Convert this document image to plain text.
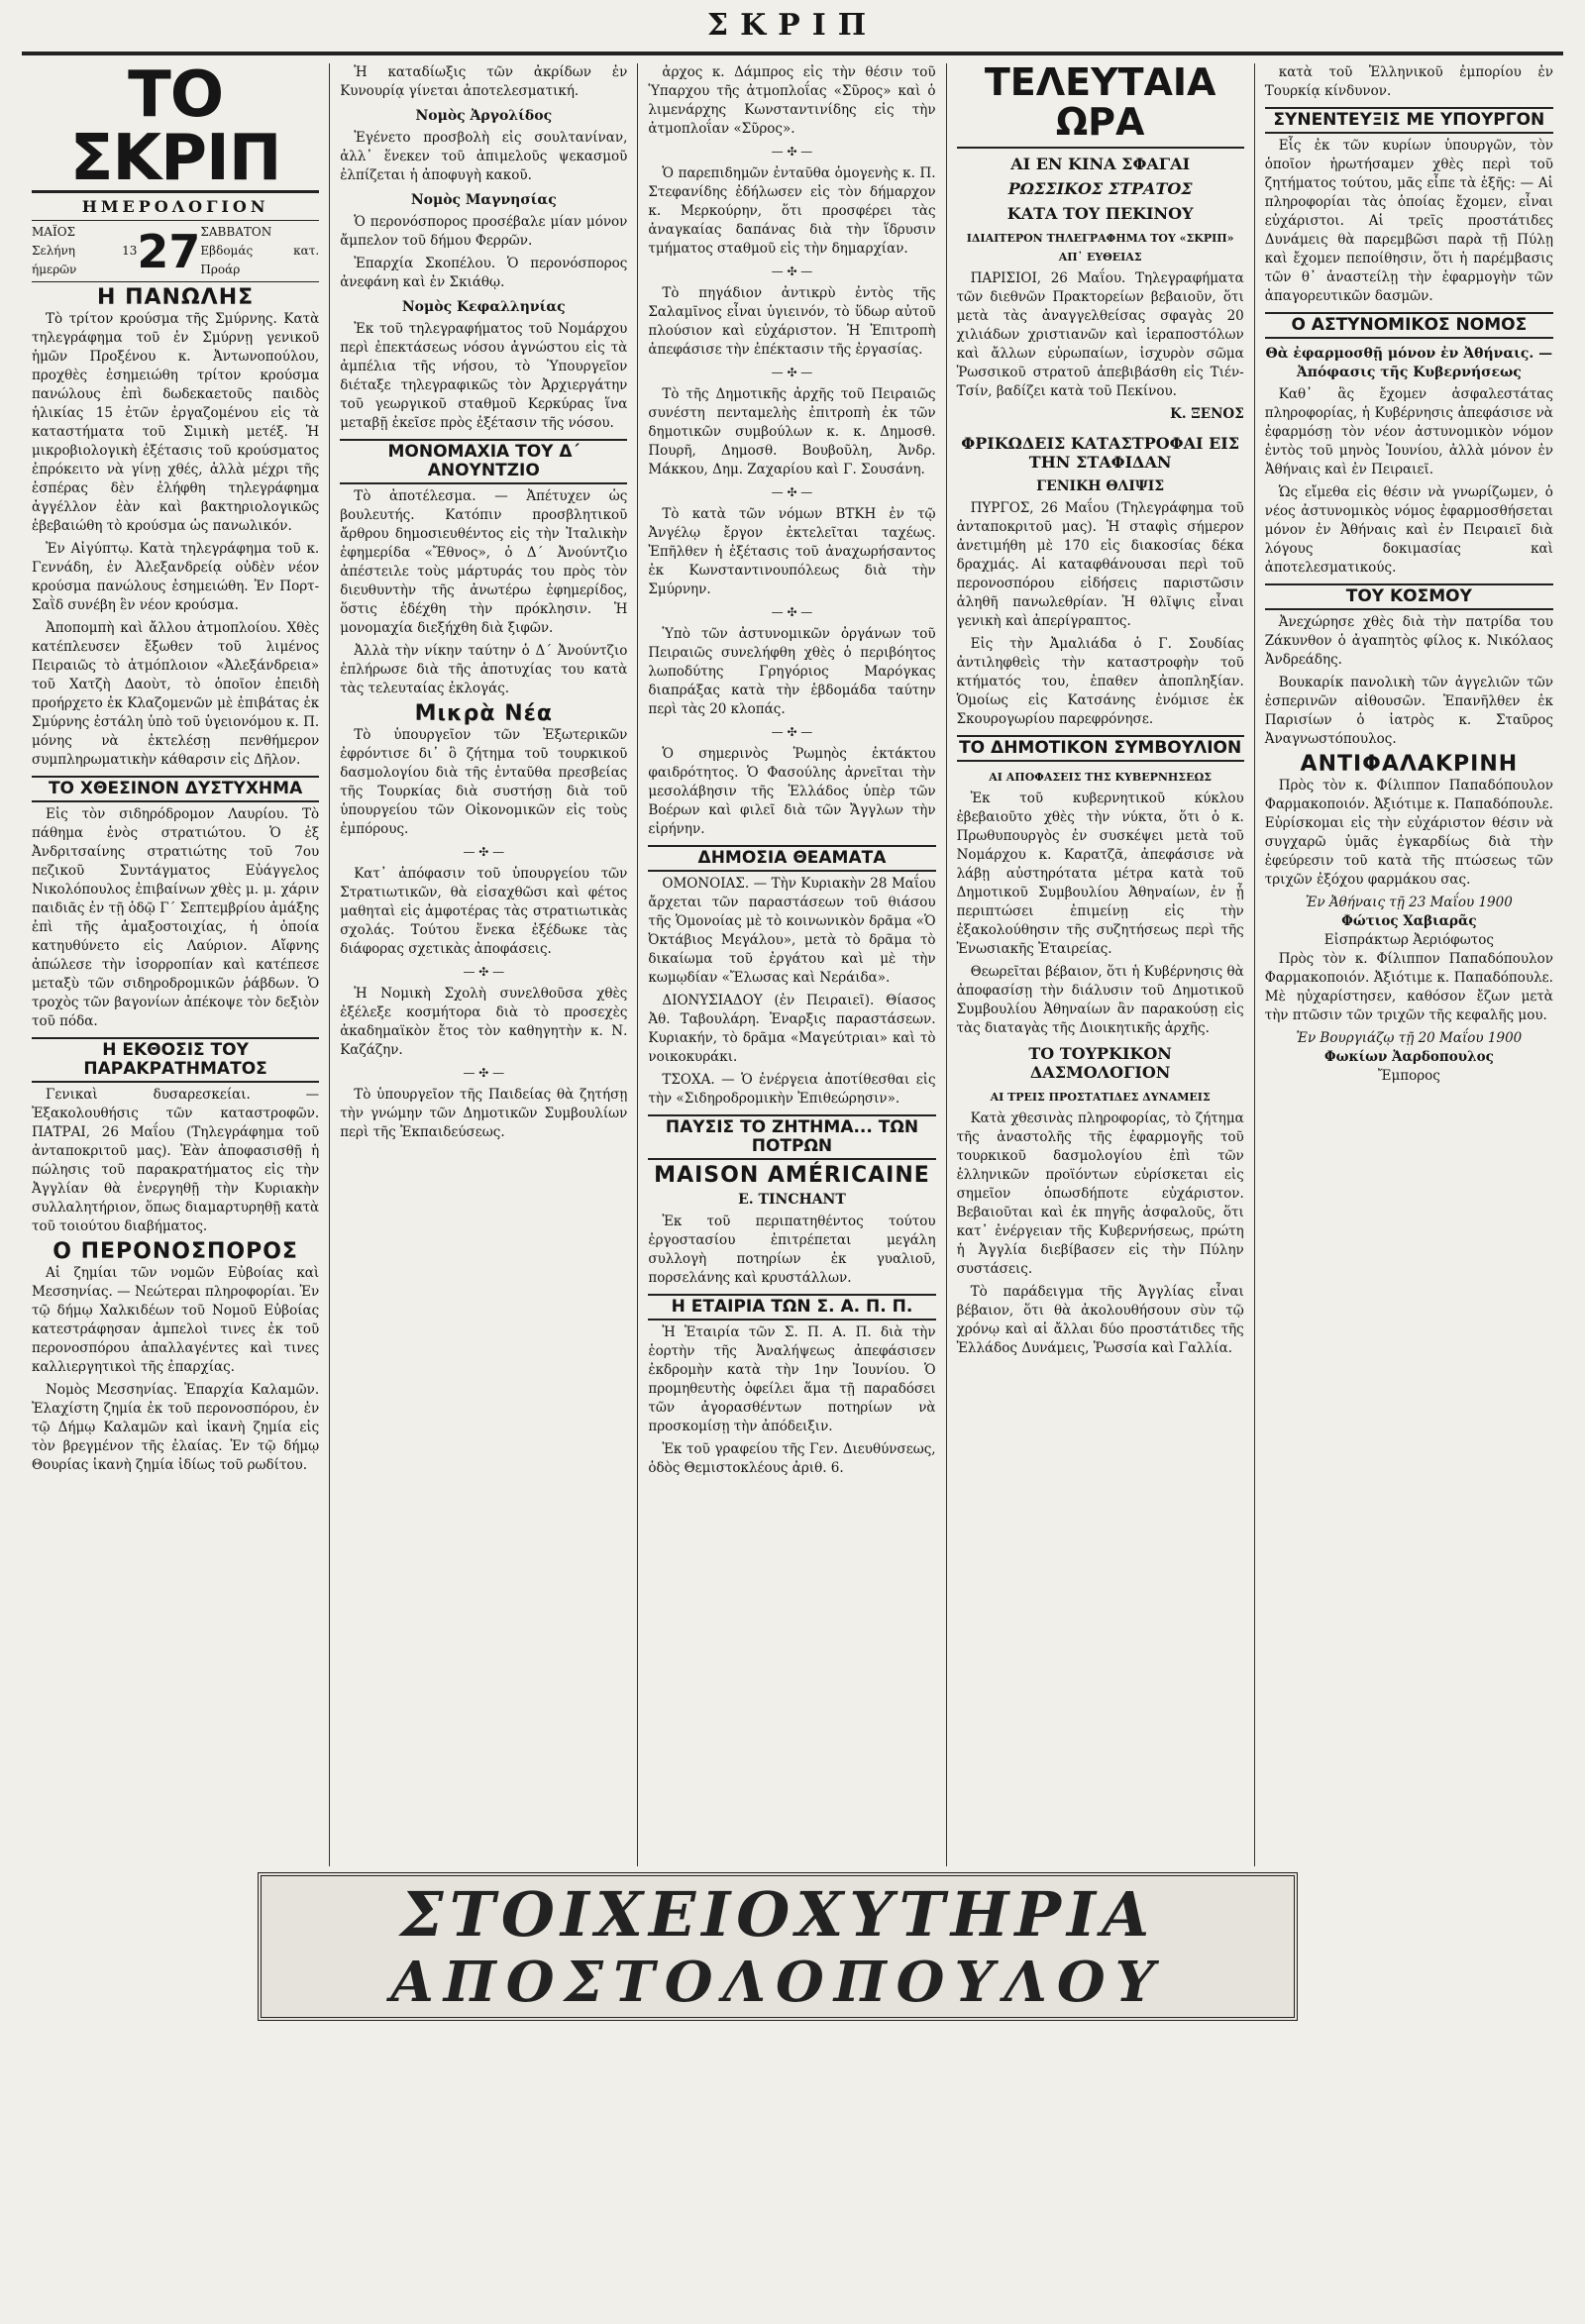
ΣΚΡΙΠ
ΤΟ ΣΚΡΙΠ
ΗΜΕΡΟΛΟΓΙΟΝ
ΜΑΪΟΣ
Σελήνη 13 ήμερῶν	27 ΣΑΒΒΑΤΟΝ
Εβδομάς κατ. Προάρ
Η ΠΑΝΩΛΗΣ

Τὸ τρίτον κρούσμα τῆς Σμύρνης. Κατὰ τηλεγράφημα τοῦ ἐν Σμύρνῃ γενικοῦ ἡμῶν Προξένου κ. Ἀντωνοπούλου, προχθὲς ἐσημειώθη τρίτον κρούσμα πανώλους ἐπὶ δωδεκαετοῦς παιδὸς ἡλικίας 15 ἐτῶν ἐργαζομένου εἰς τὰ καταστήματα τοῦ Σιμικὴ μετέξ. Ἡ μικροβιολογικὴ ἐξέτασις τοῦ κρούσματος ἐπρόκειτο νὰ γίνῃ χθές, ἀλλὰ μέχρι τῆς ἑσπέρας δὲν ἐλήφθη τηλεγράφημα ἀγγέλλον ἐὰν καὶ βακτηριολογικῶς ἐβεβαιώθη τὸ κρούσμα ὡς πανωλικόν.

Ἐν Αἰγύπτῳ. Κατὰ τηλεγράφημα τοῦ κ. Γεννάδη, ἐν Ἀλεξανδρείᾳ οὐδὲν νέον κρούσμα πανώλους ἐσημειώθη. Ἐν Πορτ-Σαῒδ συνέβη ἓν νέον κρούσμα.

Ἀποπομπὴ καὶ ἄλλου ἀτμοπλοίου. Χθὲς κατέπλευσεν ἔξωθεν τοῦ λιμένος Πειραιῶς τὸ ἀτμόπλοιον «Ἀλεξάνδρεια» τοῦ Χατζὴ Δαοὺτ, τὸ ὁποῖον ἐπειδὴ προήρχετο ἐκ Κλαζομενῶν μὲ ἐπιβάτας ἐκ Σμύρνης ἐστάλη ὑπὸ τοῦ ὑγειονόμου κ. Π. μόνης νὰ ἐκτελέσῃ πενθήμερον συμπληρωματικὴν κάθαρσιν εἰς Δῆλον.

ΤΟ ΧΘΕΣΙΝΟΝ ΔΥΣΤΥΧΗΜΑ

Εἰς τὸν σιδηρόδρομον Λαυρίου. Τὸ πάθημα ἑνὸς στρατιώτου. Ὁ ἐξ Ἀνδριτσαίνης στρατιώτης τοῦ 7ου πεζικοῦ Συντάγματος Εὐάγγελος Νικολόπουλος ἐπιβαίνων χθὲς μ. μ. χάριν παιδιᾶς ἐν τῇ ὁδῷ Γ΄ Σεπτεμβρίου ἁμάξης ἐπὶ τῆς ἁμαξοστοιχίας, ἡ ὁποία κατηυθύνετο εἰς Λαύριον. Αἴφνης ἀπώλεσε τὴν ἰσορροπίαν καὶ κατέπεσε μεταξὺ τῶν σιδηροδρομικῶν ῥάβδων. Ὁ τροχὸς τῶν βαγονίων ἀπέκοψε τὸν δεξιὸν τοῦ πόδα.

Η ΕΚΘΟΣΙΣ ΤΟΥ ΠΑΡΑΚΡΑΤΗΜΑΤΟΣ

Γενικαὶ δυσαρεσκείαι. — Ἐξακολουθήσις τῶν καταστροφῶν. ΠΑΤΡΑΙ, 26 Μαΐου (Τηλεγράφημα τοῦ ἀνταποκριτοῦ μας). Ἐὰν ἀποφασισθῇ ἡ πώλησις τοῦ παρακρατήματος εἰς τὴν Ἀγγλίαν θὰ ἐνεργηθῇ τὴν Κυριακὴν συλλαλητήριον, ὅπως διαμαρτυρηθῇ κατὰ τοῦ τοιούτου διαβήματος.

Ο ΠΕΡΟΝΟΣΠΟΡΟΣ

Αἱ ζημίαι τῶν νομῶν Εὐβοίας καὶ Μεσσηνίας. — Νεώτεραι πληροφορίαι. Ἐν τῷ δήμῳ Χαλκιδέων τοῦ Νομοῦ Εὐβοίας κατεστράφησαν ἀμπελοὶ τινες ἐκ τοῦ περονοσπόρου ἀπαλλαγέντες καὶ τινες καλλιεργητικοὶ τῆς ἐπαρχίας.

Νομὸς Μεσσηνίας. Ἐπαρχία Καλαμῶν. Ἐλαχίστη ζημία ἐκ τοῦ περονοσπόρου, ἐν τῷ Δήμῳ Καλαμῶν καὶ ἱκανὴ ζημία εἰς τὸν βρεγμένον τῆς ἐλαίας. Ἐν τῷ δήμῳ Θουρίας ἱκανὴ ζημία ἰδίως τοῦ ρωδίτου.

Ἡ καταδίωξις τῶν ἀκρίδων ἐν Κυνουρίᾳ γίνεται ἀποτελεσματική.

Νομὸς Ἀργολίδος

Ἐγένετο προσβολὴ εἰς σουλτανίναν, ἀλλ᾽ ἕνεκεν τοῦ ἀπιμελοῦς ψεκασμοῦ ἐλπίζεται ἡ ἀποφυγὴ κακοῦ.

Νομὸς Μαγνησίας

Ὁ περονόσπορος προσέβαλε μίαν μόνον ἄμπελον τοῦ δήμου Φερρῶν.

Ἐπαρχία Σκοπέλου. Ὁ περονόσπορος ἀνεφάνη καὶ ἐν Σκιάθῳ.

Νομὸς Κεφαλληνίας

Ἐκ τοῦ τηλεγραφήματος τοῦ Νομάρχου περὶ ἐπεκτάσεως νόσου ἀγνώστου εἰς τὰ ἀμπέλια τῆς νήσου, τὸ Ὑπουργεῖον διέταξε τηλεγραφικῶς τὸν Ἀρχιεργάτην τοῦ γεωργικοῦ σταθμοῦ Κερκύρας ἵνα μεταβῇ ἐκεῖσε πρὸς ἐξέτασιν τῆς νόσου.

ΜΟΝΟΜΑΧΙΑ ΤΟΥ Δ΄ ΑΝΟΥΝΤΖΙΟ

Τὸ ἀποτέλεσμα. — Ἀπέτυχεν ὡς βουλευτής. Κατόπιν προσβλητικοῦ ἄρθρου δημοσιευθέντος εἰς τὴν Ἰταλικὴν ἐφημερίδα «Ἔθνος», ὁ Δ΄ Ἀνούντζιο ἀπέστειλε τοὺς μάρτυράς του πρὸς τὸν διευθυντὴν τῆς ἀνωτέρω ἐφημερίδος, ὅστις ἐδέχθη τὴν πρόκλησιν. Ἡ μονομαχία διεξήχθη διὰ ξιφῶν.

Ἀλλὰ τὴν νίκην ταύτην ὁ Δ΄ Ἀνούντζιο ἐπλήρωσε διὰ τῆς ἀποτυχίας του κατὰ τὰς τελευταίας ἐκλογάς.

Μικρὰ Νέα

Τὸ ὑπουργεῖον τῶν Ἐξωτερικῶν ἐφρόντισε δι᾽ ὃ ζήτημα τοῦ τουρκικοῦ δασμολογίου διὰ τῆς ἐνταῦθα πρεσβείας τῆς Τουρκίας διὰ συστήσῃ διὰ τοῦ ὑπουργείου τῶν Οἰκονομικῶν εἰς τοὺς ἐμπόρους.

— ✣ —

Κατ᾽ ἀπόφασιν τοῦ ὑπουργείου τῶν Στρατιωτικῶν, θὰ εἰσαχθῶσι καὶ φέτος μαθηταὶ εἰς ἀμφοτέρας τὰς στρατιωτικὰς σχολάς. Τούτου ἕνεκα ἐξέδωκε τὰς διάφορας σχετικὰς ἀποφάσεις.

— ✣ —

Ἡ Νομικὴ Σχολὴ συνελθοῦσα χθὲς ἐξέλεξε κοσμήτορα διὰ τὸ προσεχὲς ἀκαδημαϊκὸν ἔτος τὸν καθηγητὴν κ. Ν. Καζάζην.

— ✣ —

Τὸ ὑπουργεῖον τῆς Παιδείας θὰ ζητήσῃ τὴν γνώμην τῶν Δημοτικῶν Συμβουλίων περὶ τῆς Ἐκπαιδεύσεως.

ἀρχος κ. Δάμπρος εἰς τὴν θέσιν τοῦ Ὑπαρχου τῆς ἀτμοπλοΐας «Σῦρος» καὶ ὁ λιμενάρχης Κωνσταντινίδης εἰς τὴν ἀτμοπλοΐαν «Σῦρος».

— ✣ —

Ὁ παρεπιδημῶν ἐνταῦθα ὁμογενὴς κ. Π. Στεφανίδης ἐδήλωσεν εἰς τὸν δήμαρχον κ. Μερκούρην, ὅτι προσφέρει τὰς ἀναγκαίας δαπάνας διὰ τὴν ἵδρυσιν τμήματος σταθμοῦ εἰς τὴν δημαρχίαν.

— ✣ —

Τὸ πηγάδιον ἀντικρὺ ἐντὸς τῆς Σαλαμῖνος εἶναι ὑγιεινόν, τὸ ὕδωρ αὐτοῦ πλούσιον καὶ εὐχάριστον. Ἡ Ἐπιτροπὴ ἀπεφάσισε τὴν ἐπέκτασιν τῆς ἐργασίας.

— ✣ —

Τὸ τῆς Δημοτικῆς ἀρχῆς τοῦ Πειραιῶς συνέστη πενταμελὴς ἐπιτροπὴ ἐκ τῶν δημοτικῶν συμβούλων κ. κ. Δημοσθ. Πουρῆ, Δημοσθ. Βουβοῦλη, Ἀνδρ. Μάκκου, Δημ. Ζαχαρίου καὶ Γ. Σουσάνη.

— ✣ —

Τὸ κατὰ τῶν νόμων ΒΤΚΗ ἐν τῷ Ἀνγέλῳ ἔργον ἐκτελεῖται ταχέως. Ἐπῆλθεν ἡ ἐξέτασις τοῦ ἀναχωρήσαντος ἐκ Κωνσταντινουπόλεως διὰ τὴν Σμύρνην.

— ✣ —

Ὑπὸ τῶν ἀστυνομικῶν ὀργάνων τοῦ Πειραιῶς συνελήφθη χθὲς ὁ περιβόητος λωποδύτης Γρηγόριος Μαρόγκας διαπράξας κατὰ τὴν ἑβδομάδα ταύτην περὶ τὰς 20 κλοπάς.

— ✣ —

Ὁ σημερινὸς Ῥωμηὸς ἐκτάκτου φαιδρότητος. Ὁ Φασούλης ἀρνεῖται τὴν μεσολάβησιν τῆς Ἑλλάδος ὑπὲρ τῶν Βοέρων καὶ φιλεῖ διὰ τῶν Ἄγγλων τὴν εἰρήνην.

ΔΗΜΟΣΙΑ ΘΕΑΜΑΤΑ

ΟΜΟΝΟΙΑΣ. — Τὴν Κυριακὴν 28 Μαΐου ἄρχεται τῶν παραστάσεων τοῦ θιάσου τῆς Ὁμονοίας μὲ τὸ κοινωνικὸν δρᾶμα «Ὁ Ὀκτάβιος Μεγάλου», μετὰ τὸ δρᾶμα τὸ δικαίωμα τοῦ ἐργάτου καὶ μὲ τὴν κωμῳδίαν «Ἔλωσας καὶ Νεράιδα».

ΔΙΟΝΥΣΙΑΔΟΥ (ἐν Πειραιεῖ). Θίασος Ἀθ. Ταβουλάρη. Ἐναρξις παραστάσεων. Κυριακήν, τὸ δρᾶμα «Μαγεύτριαι» καὶ τὸ νοικοκυράκι.

ΤΣΟΧΑ. — Ὁ ἐνέργεια ἀποτίθεσθαι εἰς τὴν «Σιδηροδρομικὴν Ἐπιθεώρησιν».

ΠΑΥΣΙΣ ΤΟ ΖΗΤΗΜΑ... ΤΩΝ ΠΟΤΡΩΝ
MAISON AMÉRICAINE
E. TINCHANT

Ἐκ τοῦ περιπατηθέντος τούτου ἐργοστασίου ἐπιτρέπεται μεγάλη συλλογὴ ποτηρίων ἐκ γυαλιοῦ, πορσελάνης καὶ κρυστάλλων.

Η ΕΤΑΙΡΙΑ ΤΩΝ Σ. Α. Π. Π.

Ἡ Ἑταιρία τῶν Σ. Π. Α. Π. διὰ τὴν ἑορτὴν τῆς Ἀναλήψεως ἀπεφάσισεν ἐκδρομὴν κατὰ τὴν 1ην Ἰουνίου. Ὁ προμηθευτὴς ὀφείλει ἅμα τῇ παραδόσει τῶν ἀγορασθέντων ποτηρίων νὰ προσκομίσῃ τὴν ἀπόδειξιν.

Ἐκ τοῦ γραφείου τῆς Γεν. Διευθύνσεως, ὁδὸς Θεμιστοκλέους ἀριθ. 6.

ΤΕΛΕΥΤΑΙΑ ΩΡΑ
ΑΙ ΕΝ ΚΙΝΑ ΣΦΑΓΑΙ
ΡΩΣΣΙΚΟΣ ΣΤΡΑΤΟΣ
ΚΑΤΑ ΤΟΥ ΠΕΚΙΝΟΥ
ΙΔΙΑΙΤΕΡΟΝ ΤΗΛΕΓΡΑΦΗΜΑ ΤΟΥ «ΣΚΡΙΠ» ΑΠ᾽ ΕΥΘΕΙΑΣ

ΠΑΡΙΣΙΟΙ, 26 Μαΐου. Τηλεγραφήματα τῶν διεθνῶν Πρακτορείων βεβαιοῦν, ὅτι μετὰ τὰς ἀναγγελθείσας σφαγὰς 20 χιλιάδων χριστιανῶν καὶ ἱεραποστόλων καὶ ἄλλων εὐρωπαίων, ἰσχυρὸν σῶμα Ῥωσσικοῦ στρατοῦ ἀπεβιβάσθη εἰς Τιέν-Τσίν, βαδίζει κατὰ τοῦ Πεκίνου.

Κ. ΞΕΝΟΣ
ΦΡΙΚΩΔΕΙΣ ΚΑΤΑΣΤΡΟΦΑΙ ΕΙΣ ΤΗΝ ΣΤΑΦΙΔΑΝ
ΓΕΝΙΚΗ ΘΛΙΨΙΣ

ΠΥΡΓΟΣ, 26 Μαΐου (Τηλεγράφημα τοῦ ἀνταποκριτοῦ μας). Ἡ σταφὶς σήμερον ἀνετιμήθη μὲ 170 εἰς διακοσίας δέκα δραχμάς. Αἱ καταφθάνουσαι περὶ τοῦ περονοσπόρου εἰδήσεις παριστῶσιν ἀληθῆ πανωλεθρίαν. Ἡ θλῖψις εἶναι γενικὴ καὶ ἀπερίγραπτος.

Εἰς τὴν Ἀμαλιάδα ὁ Γ. Σουδίας ἀντιληφθεὶς τὴν καταστροφὴν τοῦ κτήματός του, ἐπαθεν ἀποπληξίαν. Ὁμοίως εἰς Κατσάνης ἐνόμισε ἐκ Σκουρογωρίου παρεφρόνησε.

ΤΟ ΔΗΜΟΤΙΚΟΝ ΣΥΜΒΟΥΛΙΟΝ
ΑΙ ΑΠΟΦΑΣΕΙΣ ΤΗΣ ΚΥΒΕΡΝΗΣΕΩΣ

Ἐκ τοῦ κυβερνητικοῦ κύκλου ἐβεβαιοῦτο χθὲς τὴν νύκτα, ὅτι ὁ κ. Πρωθυπουργὸς ἐν συσκέψει μετὰ τοῦ Νομάρχου κ. Καρατζᾶ, ἀπεφάσισε νὰ λάβῃ αὐστηρότατα μέτρα κατὰ τοῦ Δημοτικοῦ Συμβουλίου Ἀθηναίων, ἐν ᾗ περιπτώσει ἐπιμείνῃ εἰς τὴν ἐξακολούθησιν τῆς συζητήσεως περὶ τῆς Ἑνωσιακῆς Ἑταιρείας.

Θεωρεῖται βέβαιον, ὅτι ἡ Κυβέρνησις θὰ ἀποφασίσῃ τὴν διάλυσιν τοῦ Δημοτικοῦ Συμβουλίου Ἀθηναίων ἂν παρακούσῃ εἰς τὰς διαταγὰς τῆς Διοικητικῆς ἀρχῆς.

ΤΟ ΤΟΥΡΚΙΚΟΝ ΔΑΣΜΟΛΟΓΙΟΝ
ΑΙ ΤΡΕΙΣ ΠΡΟΣΤΑΤΙΔΕΣ ΔΥΝΑΜΕΙΣ

Κατὰ χθεσινὰς πληροφορίας, τὸ ζήτημα τῆς ἀναστολῆς τῆς ἐφαρμογῆς τοῦ τουρκικοῦ δασμολογίου ἐπὶ τῶν ἑλληνικῶν προϊόντων εὑρίσκεται εἰς σημεῖον ὁπωσδήποτε εὐχάριστον. Βεβαιοῦται καὶ ἐκ πηγῆς ἀσφαλοῦς, ὅτι κατ᾽ ἐνέργειαν τῆς Κυβερνήσεως, πρώτη ἡ Ἀγγλία διεβίβασεν εἰς τὴν Πύλην συστάσεις.

Τὸ παράδειγμα τῆς Ἀγγλίας εἶναι βέβαιον, ὅτι θὰ ἀκολουθήσουν σὺν τῷ χρόνῳ καὶ αἱ ἄλλαι δύο προστάτιδες τῆς Ἑλλάδος Δυνάμεις, Ῥωσσία καὶ Γαλλία.

κατὰ τοῦ Ἑλληνικοῦ ἐμπορίου ἐν Τουρκίᾳ κίνδυνον.

ΣΥΝΕΝΤΕΥΞΙΣ ΜΕ ΥΠΟΥΡΓΟΝ

Εἷς ἐκ τῶν κυρίων ὑπουργῶν, τὸν ὁποῖον ἠρωτήσαμεν χθὲς περὶ τοῦ ζητήματος τούτου, μᾶς εἶπε τὰ ἑξῆς: — Αἱ πληροφορίαι τὰς ὁποίας ἔχομεν, εἶναι εὐχάριστοι. Αἱ τρεῖς προστάτιδες Δυνάμεις θὰ παρεμβῶσι παρὰ τῇ Πύλῃ καὶ ἔχομεν πεποίθησιν, ὅτι ἡ παρέμβασις τῶν θ᾽ ἀναστείλῃ τὴν ἐφαρμογὴν τῶν ἀπαγορευτικῶν δασμῶν.

Ο ΑΣΤΥΝΟΜΙΚΟΣ ΝΟΜΟΣ
Θὰ ἐφαρμοσθῇ μόνον ἐν Ἀθήναις. — Ἀπόφασις τῆς Κυβερνήσεως

Καθ᾽ ἃς ἔχομεν ἀσφαλεστάτας πληροφορίας, ἡ Κυβέρνησις ἀπεφάσισε νὰ ἐφαρμόσῃ τὸν νέον ἀστυνομικὸν νόμον ἐντὸς τοῦ μηνὸς Ἰουνίου, ἀλλὰ μόνον ἐν Ἀθήναις καὶ ἐν Πειραιεῖ.

Ὡς εἴμεθα εἰς θέσιν νὰ γνωρίζωμεν, ὁ νέος ἀστυνομικὸς νόμος ἐφαρμοσθήσεται μόνον ἐν Ἀθήναις καὶ ἐν Πειραιεῖ διὰ λόγους δοκιμασίας καὶ ἀποτελεσματικούς.

ΤΟΥ ΚΟΣΜΟΥ

Ἀνεχώρησε χθὲς διὰ τὴν πατρίδα του Ζάκυνθον ὁ ἀγαπητὸς φίλος κ. Νικόλαος Ἀνδρεάδης.

Βουκαρίκ πανολικὴ τῶν ἀγγελιῶν τῶν ἐσπερινῶν αἰθουσῶν. Ἐπανῆλθεν ἐκ Παρισίων ὁ ἰατρὸς κ. Σταῦρος Ἀναγνωστόπουλος.

ΑΝΤΙΦΑΛΑΚΡΙΝΗ

Πρὸς τὸν κ. Φίλιππον Παπαδόπουλον Φαρμακοποιόν. Ἀξιότιμε κ. Παπαδόπουλε. Εὑρίσκομαι εἰς τὴν εὐχάριστον θέσιν νὰ συγχαρῶ ὑμᾶς ἐγκαρδίως διὰ τὴν ἐφεύρεσιν τοῦ κατὰ τῆς πτώσεως τῶν τριχῶν ἐξόχου φαρμάκου σας.

Ἐν Ἀθήναις τῇ 23 Μαΐου 1900
Φώτιος Χαβιαρᾶς
Εἰσπράκτωρ Ἀεριόφωτος

Πρὸς τὸν κ. Φίλιππον Παπαδόπουλον Φαρμακοποιόν. Ἀξιότιμε κ. Παπαδόπουλε. Μὲ ηὐχαρίστησεν, καθόσον ἔζων μετὰ τὴν πτῶσιν τῶν τριχῶν τῆς κεφαλῆς μου.

Ἐν Βουργιάζῳ τῇ 20 Μαΐου 1900
Φωκίων Ἀαρδοπουλος
Ἔμπορος
ΣΤΟΙΧΕΙΟΧΥΤΗΡΙΑ
ΑΠΟΣΤΟΛΟΠΟΥΛΟΥ
